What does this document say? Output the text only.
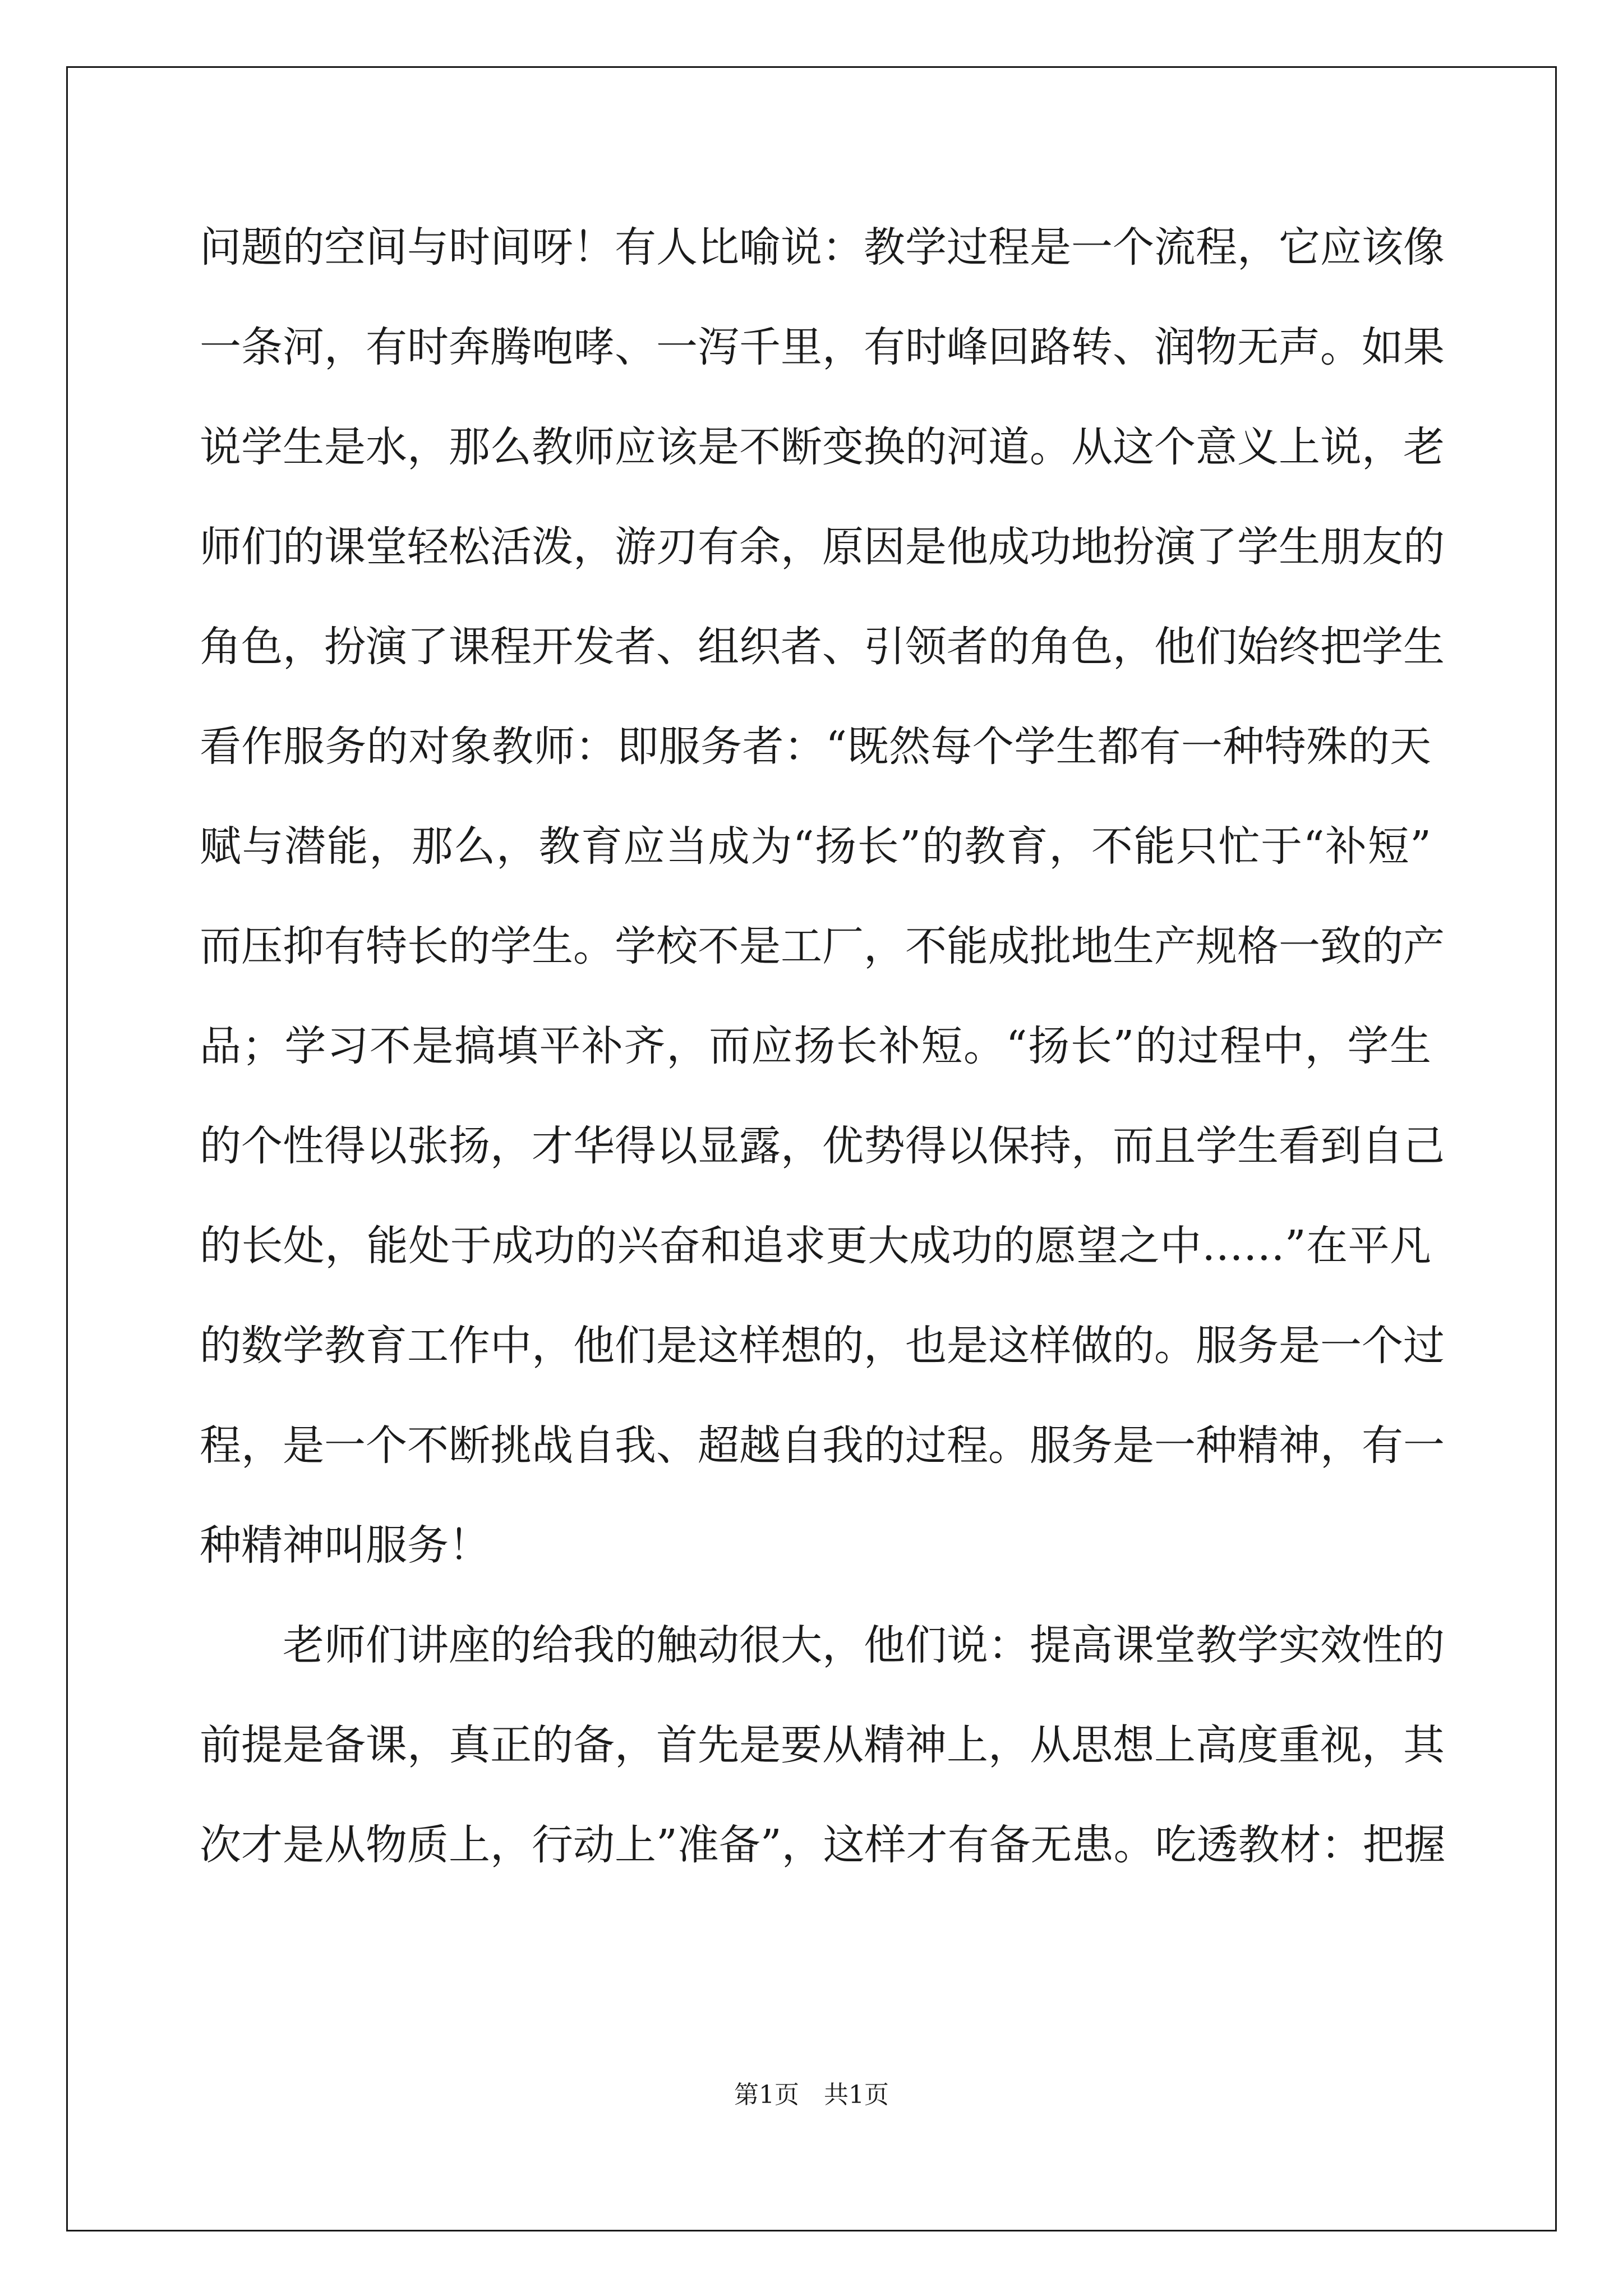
问题的空间与时间呀！有人比喻说：教学过程是一个流程，它应该像
一条河，有时奔腾咆哮、一泻千里，有时峰回路转、润物无声。如果
说学生是水，那么教师应该是不断变换的河道。从这个意义上说，老
师们的课堂轻松活泼，游刃有余，原因是他成功地扮演了学生朋友的
角色，扮演了课程开发者、组织者、引领者的角色，他们始终把学生
看作服务的对象教师：即服务者：“既然每个学生都有一种特殊的天
赋与潜能，那么，教育应当成为“扬长”的教育，不能只忙于“补短”
而压抑有特长的学生。学校不是工厂，不能成批地生产规格一致的产
品；学习不是搞填平补齐，而应扬长补短。“扬长”的过程中，学生
的个性得以张扬，才华得以显露，优势得以保持，而且学生看到自己
的长处，能处于成功的兴奋和追求更大成功的愿望之中……”在平凡
的数学教育工作中，他们是这样想的，也是这样做的。服务是一个过
程，是一个不断挑战自我、超越自我的过程。服务是一种精神，有一
种精神叫服务！
老师们讲座的给我的触动很大，他们说：提高课堂教学实效性的
前提是备课，真正的备，首先是要从精神上，从思想上高度重视，其
次才是从物质上，行动上”准备”，这样才有备无患。吃透教材：把握
第1页　共1页
